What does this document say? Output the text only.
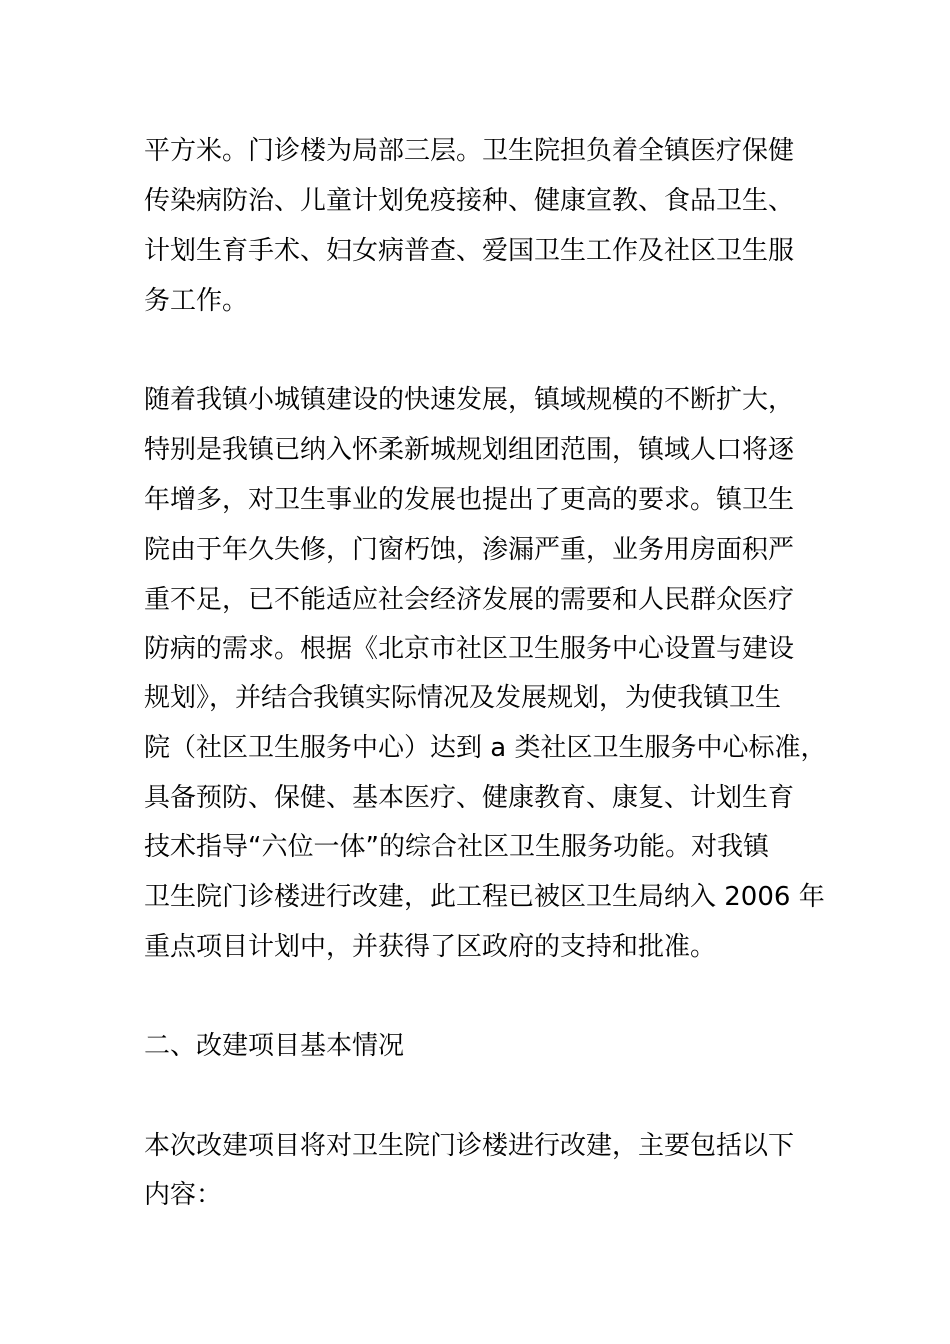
平方米。门诊楼为局部三层。卫生院担负着全镇医疗保健
传染病防治、儿童计划免疫接种、健康宣教、食品卫生、
计划生育手术、妇女病普查、爱国卫生工作及社区卫生服
务工作。
随着我镇小城镇建设的快速发展，镇域规模的不断扩大，
特别是我镇已纳入怀柔新城规划组团范围，镇域人口将逐
年增多，对卫生事业的发展也提出了更高的要求。镇卫生
院由于年久失修，门窗朽蚀，渗漏严重，业务用房面积严
重不足，已不能适应社会经济发展的需要和人民群众医疗
防病的需求。根据《北京市社区卫生服务中心设置与建设
规划》，并结合我镇实际情况及发展规划，为使我镇卫生
院（社区卫生服务中心）达到 a 类社区卫生服务中心标准，
具备预防、保健、基本医疗、健康教育、康复、计划生育
技术指导“六位一体”的综合社区卫生服务功能。对我镇
卫生院门诊楼进行改建，此工程已被区卫生局纳入 2006 年
重点项目计划中，并获得了区政府的支持和批准。
二、改建项目基本情况
本次改建项目将对卫生院门诊楼进行改建，主要包括以下
内容：
